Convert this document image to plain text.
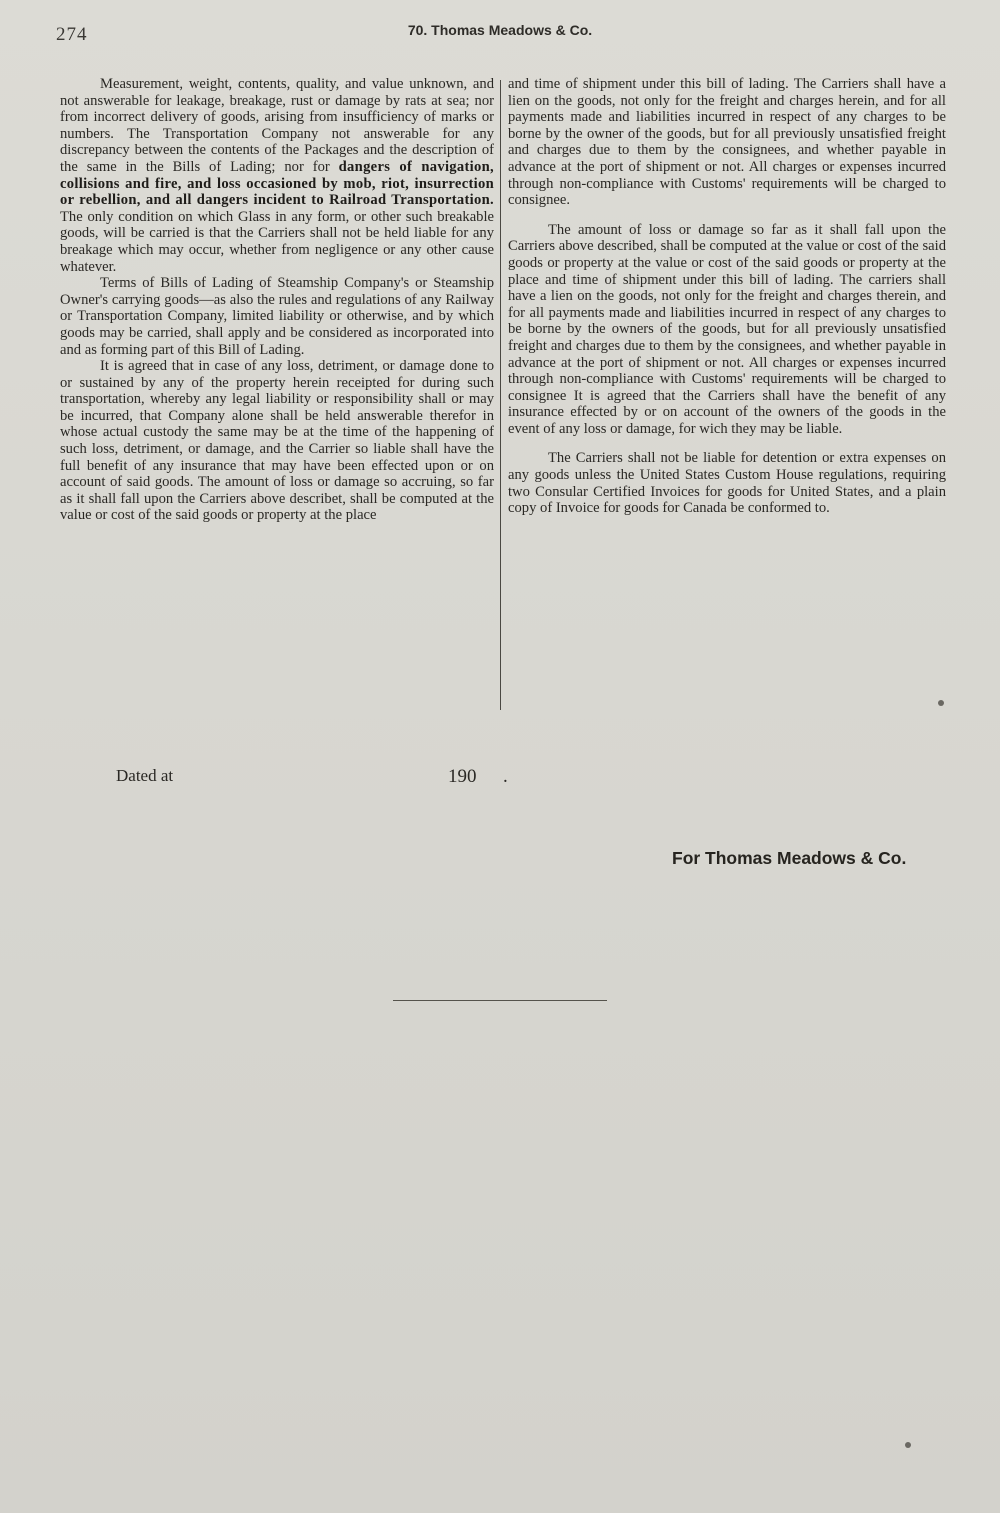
274	70. Thomas Meadows & Co.

Measurement, weight, contents, quality, and value unknown, and not answerable for leakage, breakage, rust or damage by rats at sea; nor from incorrect delivery of goods, arising from insufficiency of marks or numbers. The Transportation Company not answerable for any discrepancy between the contents of the Packages and the description of the same in the Bills of Lading; nor for dangers of navigation, collisions and fire, and loss occasioned by mob, riot, insurrection or rebellion, and all dangers incident to Railroad Transportation. The only condition on which Glass in any form, or other such breakable goods, will be carried is that the Carriers shall not be held liable for any breakage which may occur, whether from negligence or any other cause whatever.

Terms of Bills of Lading of Steamship Company's or Steamship Owner's carrying goods—as also the rules and regulations of any Railway or Transportation Company, limited liability or otherwise, and by which goods may be carried, shall apply and be considered as incorporated into and as forming part of this Bill of Lading.

It is agreed that in case of any loss, detriment, or damage done to or sustained by any of the property herein receipted for during such transportation, whereby any legal liability or responsibility shall or may be incurred, that Company alone shall be held answerable therefor in whose actual custody the same may be at the time of the happening of such loss, detriment, or damage, and the Carrier so liable shall have the full benefit of any insurance that may have been effected upon or on account of said goods. The amount of loss or damage so accruing, so far as it shall fall upon the Carriers above describet, shall be computed at the value or cost of the said goods or property at the place

and time of shipment under this bill of lading. The Carriers shall have a lien on the goods, not only for the freight and charges herein, and for all payments made and liabilities incurred in respect of any charges to be borne by the owner of the goods, but for all previously unsatisfied freight and charges due to them by the consignees, and whether payable in advance at the port of shipment or not. All charges or expenses incurred through non-compliance with Customs' requirements will be charged to consignee.

The amount of loss or damage so far as it shall fall upon the Carriers above described, shall be computed at the value or cost of the said goods or property at the value or cost of the said goods or property at the place and time of shipment under this bill of lading. The carriers shall have a lien on the goods, not only for the freight and charges therein, and for all payments made and liabilities incurred in respect of any charges to be borne by the owners of the goods, but for all previously unsatisfied freight and charges due to them by the consignees, and whether payable in advance at the port of shipment or not. All charges or expenses incurred through non-compliance with Customs' requirements will be charged to consignee It is agreed that the Carriers shall have the benefit of any insurance effected by or on account of the owners of the goods in the event of any loss or damage, for wich they may be liable.

The Carriers shall not be liable for detention or extra expenses on any goods unless the United States Custom House regulations, requiring two Consular Certified Invoices for goods for United States, and a plain copy of Invoice for goods for Canada be conformed to.

Dated at	190 .
For Thomas Meadows & Co.
